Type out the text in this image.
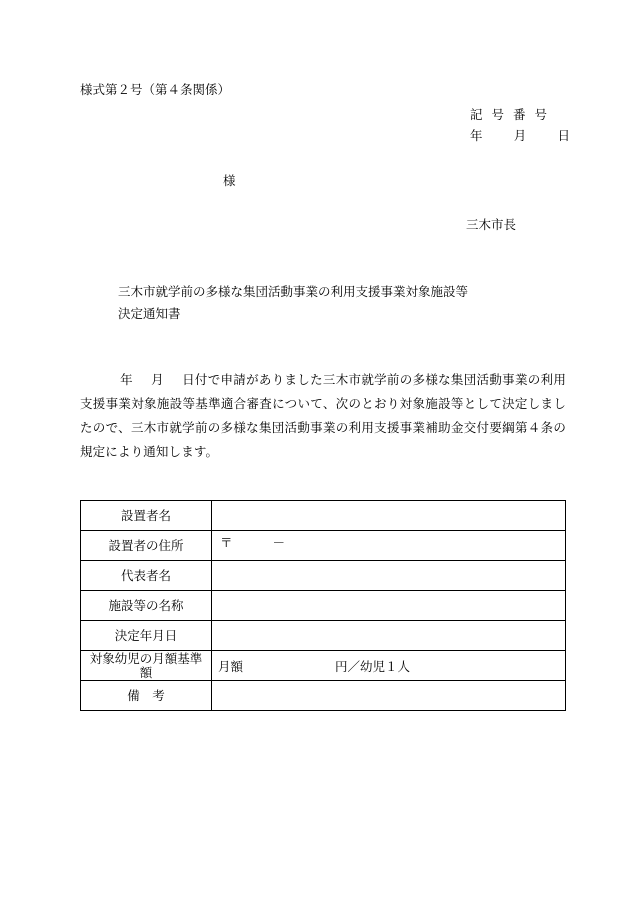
様式第２号（第４条関係）
記号番号
年 月 日
様
三木市長
三木市就学前の多様な集団活動事業の利用支援事業対象施設等
決定通知書
年 月 日付で申請がありました三木市就学前の多様な集団活動事業の利用支援事業対象施設等基準適合審査について、次のとおり対象施設等として決定しましたので、三木市就学前の多様な集団活動事業の利用支援事業補助金交付要綱第４条の規定により通知します。
設置者名	
設置者の住所	〒 －

代表者名	
施設等の名称	
決定年月日	
対象幼児の月額基準額	月額 円／幼児１人

備　考	
